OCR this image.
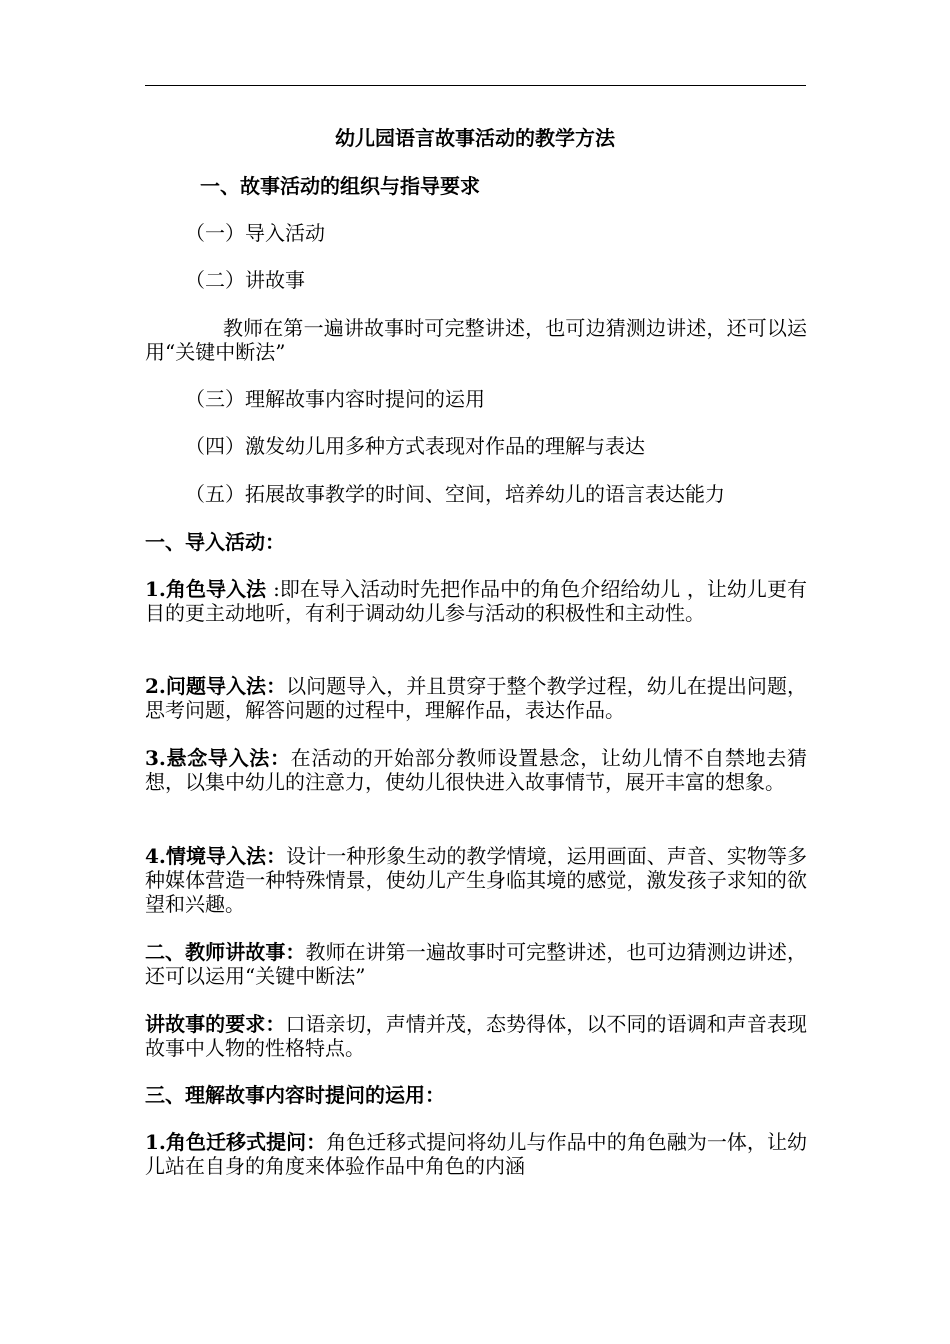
幼儿园语言故事活动的教学方法

一、故事活动的组织与指导要求

（一）导入活动

（二）讲故事

教师在第一遍讲故事时可完整讲述，也可边猜测边讲述，还可以运用“关键中断法”

（三）理解故事内容时提问的运用

（四）激发幼儿用多种方式表现对作品的理解与表达

（五）拓展故事教学的时间、空间，培养幼儿的语言表达能力

一、导入活动：

1.角色导入法 :即在导入活动时先把作品中的角色介绍给幼儿 ，让幼儿更有目的更主动地听，有利于调动幼儿参与活动的积极性和主动性。

2.问题导入法：以问题导入，并且贯穿于整个教学过程，幼儿在提出问题，思考问题，解答问题的过程中，理解作品，表达作品。

3.悬念导入法：在活动的开始部分教师设置悬念，让幼儿情不自禁地去猜想，以集中幼儿的注意力，使幼儿很快进入故事情节，展开丰富的想象。

4.情境导入法：设计一种形象生动的教学情境，运用画面、声音、实物等多种媒体营造一种特殊情景，使幼儿产生身临其境的感觉，激发孩子求知的欲望和兴趣。

二、教师讲故事：教师在讲第一遍故事时可完整讲述，也可边猜测边讲述，还可以运用“关键中断法”

讲故事的要求：口语亲切，声情并茂，态势得体，以不同的语调和声音表现故事中人物的性格特点。

三、理解故事内容时提问的运用：

1.角色迁移式提问：角色迁移式提问将幼儿与作品中的角色融为一体，让幼儿站在自身的角度来体验作品中角色的内涵
